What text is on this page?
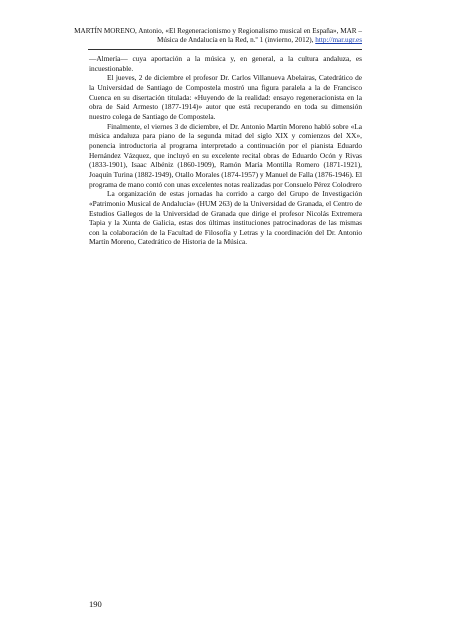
MARTÍN MORENO, Antonio, «El Regeneracionismo y Regionalismo musical en España», MAR – Música de Andalucía en la Red, n.º 1 (invierno, 2012), http://mar.ugr.es

—Almería— cuya aportación a la música y, en general, a la cultura andaluza, es incuestionable.

El jueves, 2 de diciembre el profesor Dr. Carlos Villanueva Abelairas, Catedrático de la Universidad de Santiago de Compostela mostró una figura paralela a la de Francisco Cuenca en su disertación titulada: «Huyendo de la realidad: ensayo regeneracionista en la obra de Said Armesto (1877-1914)» autor que está recuperando en toda su dimensión nuestro colega de Santiago de Compostela.

Finalmente, el viernes 3 de diciembre, el Dr. Antonio Martín Moreno habló sobre «La música andaluza para piano de la segunda mitad del siglo XIX y comienzos del XX», ponencia introductoria al programa interpretado a continuación por el pianista Eduardo Hernández Vázquez, que incluyó en su excelente recital obras de Eduardo Ocón y Rivas (1833-1901), Isaac Albéniz (1860-1909), Ramón María Montilla Romero (1871-1921), Joaquín Turina (1882-1949), Otallo Morales (1874-1957) y Manuel de Falla (1876-1946). El programa de mano contó con unas excelentes notas realizadas por Consuelo Pérez Colodrero

La organización de estas jornadas ha corrido a cargo del Grupo de Investigación «Patrimonio Musical de Andalucía» (HUM 263) de la Universidad de Granada, el Centro de Estudios Gallegos de la Universidad de Granada que dirige el profesor Nicolás Extremera Tapia y la Xunta de Galicia, estas dos últimas instituciones patrocinadoras de las mismas con la colaboración de la Facultad de Filosofía y Letras y la coordinación del Dr. Antonio Martín Moreno, Catedrático de Historia de la Música.

190
